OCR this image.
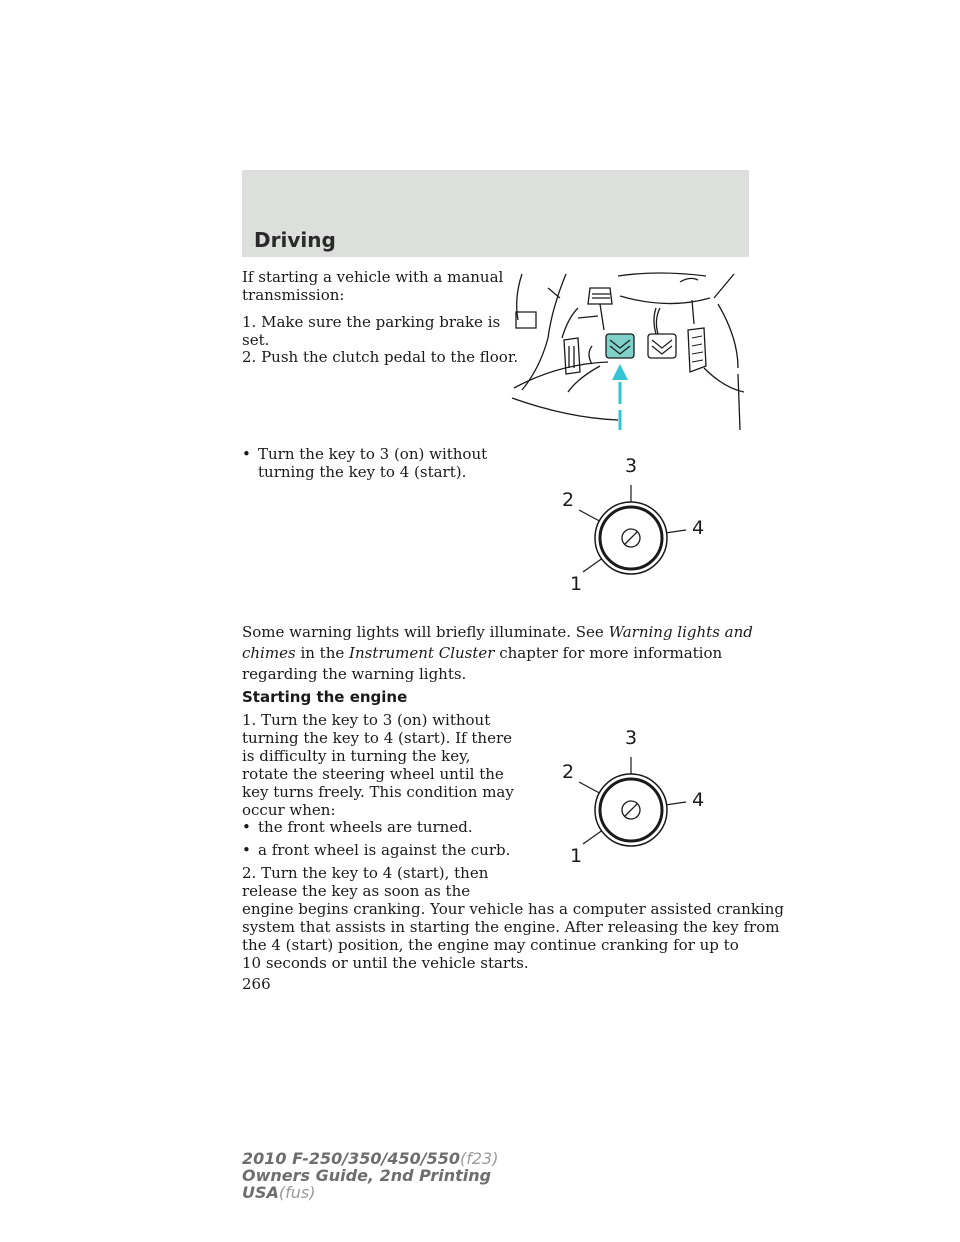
Driving
If starting a vehicle with a manual
transmission:
1. Make sure the parking brake is
set.
2. Push the clutch pedal to the floor.
• Turn the key to 3 (on) without
turning the key to 4 (start).
Some warning lights will briefly illuminate. See Warning lights and
chimes in the Instrument Cluster chapter for more information
regarding the warning lights.
Starting the engine
1. Turn the key to 3 (on) without
turning the key to 4 (start). If there
is difficulty in turning the key,
rotate the steering wheel until the
key turns freely. This condition may
occur when:
• the front wheels are turned.
• a front wheel is against the curb.
2. Turn the key to 4 (start), then
release the key as soon as the
engine begins cranking. Your vehicle has a computer assisted cranking
system that assists in starting the engine. After releasing the key from
the 4 (start) position, the engine may continue cranking for up to
10 seconds or until the vehicle starts.
266
2010 F-250/350/450/550(f23)
Owners Guide, 2nd Printing
USA(fus)
3
2
4
1
3
2
4
1
